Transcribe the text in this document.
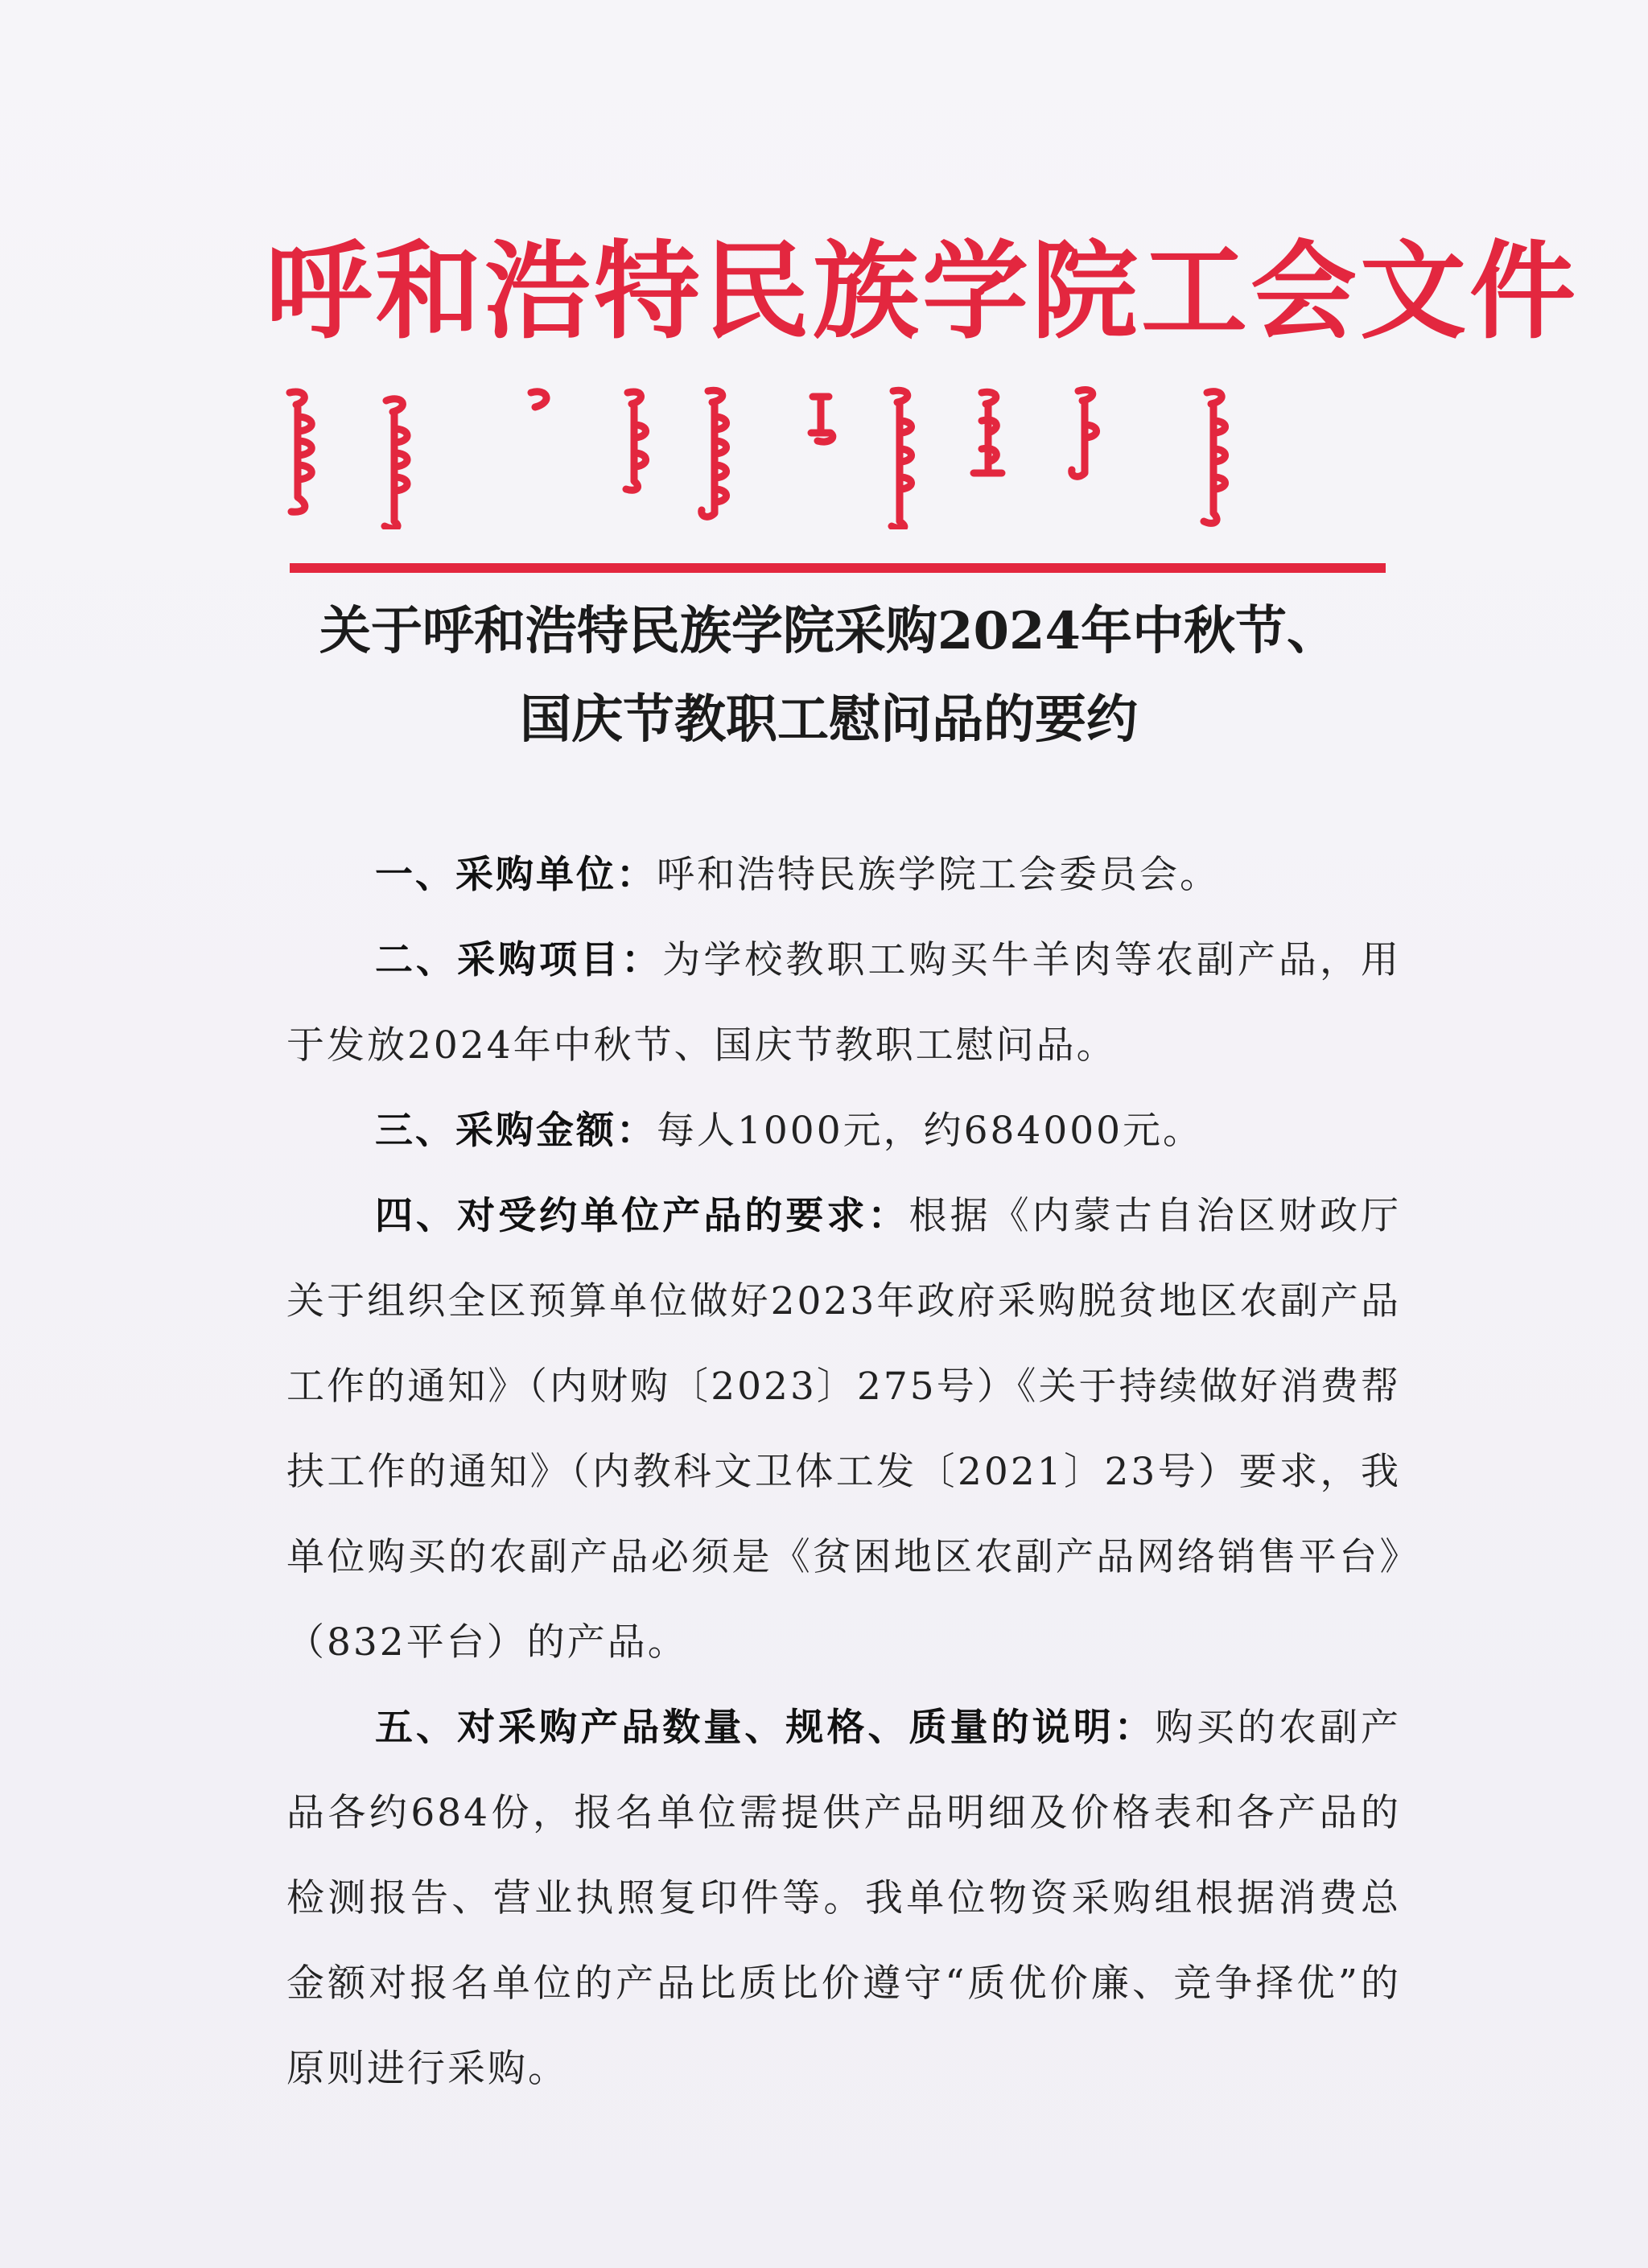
呼和浩特民族学院工会文件
关于呼和浩特民族学院采购2024年中秋节、
国庆节教职工慰问品的要约

一、采购单位：呼和浩特民族学院工会委员会。

二、采购项目：为学校教职工购买牛羊肉等农副产品，用于发放2024年中秋节、国庆节教职工慰问品。

三、采购金额：每人1000元，约684000元。

四、对受约单位产品的要求：根据《内蒙古自治区财政厅关于组织全区预算单位做好2023年政府采购脱贫地区农副产品工作的通知》（内财购〔2023〕275号）《关于持续做好消费帮扶工作的通知》（内教科文卫体工发〔2021〕23号）要求，我单位购买的农副产品必须是《贫困地区农副产品网络销售平台》（832平台）的产品。

五、对采购产品数量、规格、质量的说明：购买的农副产品各约684份，报名单位需提供产品明细及价格表和各产品的检测报告、营业执照复印件等。我单位物资采购组根据消费总金额对报名单位的产品比质比价遵守“质优价廉、竞争择优”的原则进行采购。
